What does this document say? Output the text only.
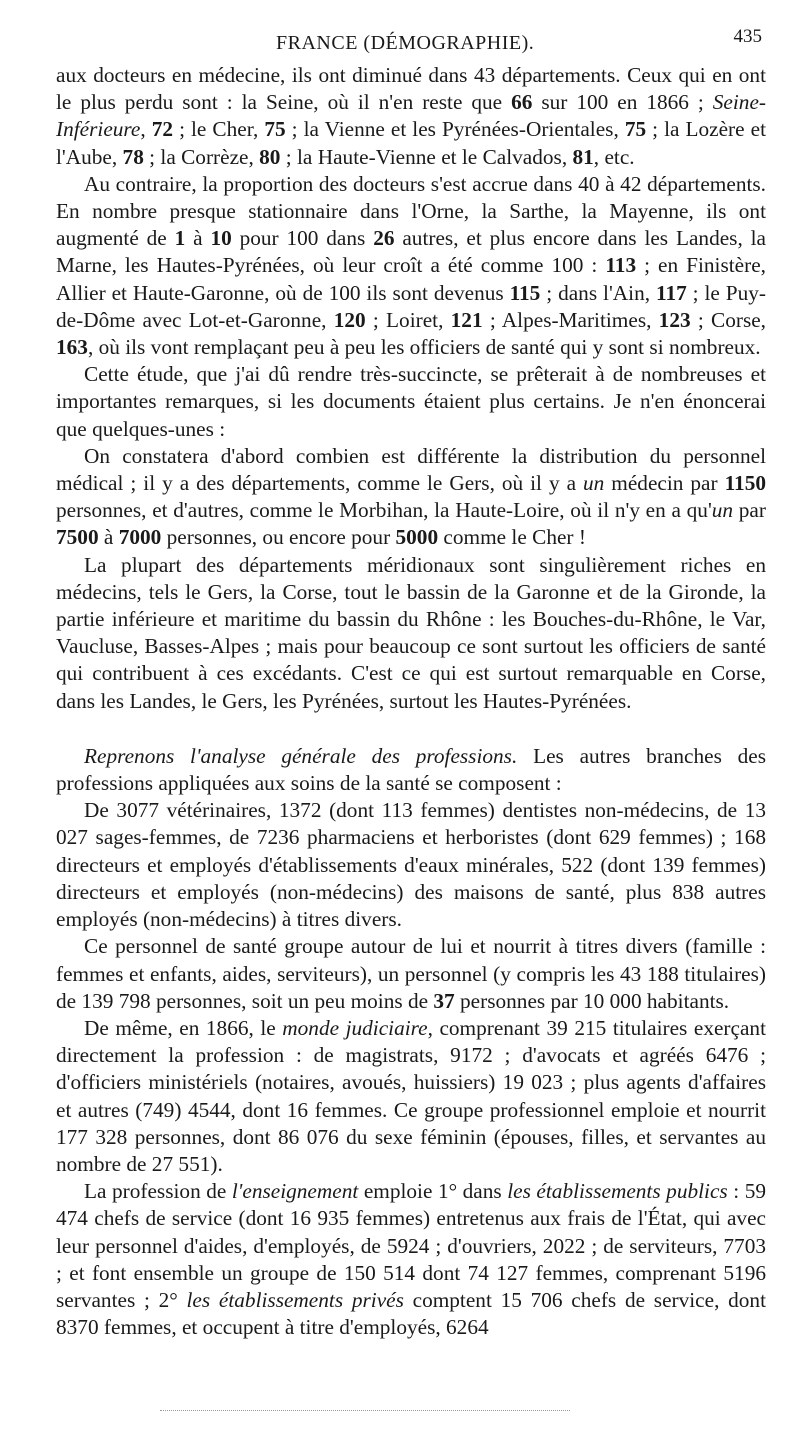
FRANCE (DÉMOGRAPHIE).	435

aux docteurs en médecine, ils ont diminué dans 43 départements. Ceux qui en ont le plus perdu sont : la Seine, où il n'en reste que 66 sur 100 en 1866 ; Seine-Inférieure, 72 ; le Cher, 75 ; la Vienne et les Pyrénées-Orientales, 75 ; la Lozère et l'Aube, 78 ; la Corrèze, 80 ; la Haute-Vienne et le Calvados, 81, etc.

Au contraire, la proportion des docteurs s'est accrue dans 40 à 42 départements. En nombre presque stationnaire dans l'Orne, la Sarthe, la Mayenne, ils ont augmenté de 1 à 10 pour 100 dans 26 autres, et plus encore dans les Landes, la Marne, les Hautes-Pyrénées, où leur croît a été comme 100 : 113 ; en Finistère, Allier et Haute-Garonne, où de 100 ils sont devenus 115 ; dans l'Ain, 117 ; le Puy-de-Dôme avec Lot-et-Garonne, 120 ; Loiret, 121 ; Alpes-Maritimes, 123 ; Corse, 163, où ils vont remplaçant peu à peu les officiers de santé qui y sont si nombreux.

Cette étude, que j'ai dû rendre très-succincte, se prêterait à de nombreuses et importantes remarques, si les documents étaient plus certains. Je n'en énoncerai que quelques-unes :

On constatera d'abord combien est différente la distribution du personnel médical ; il y a des départements, comme le Gers, où il y a un médecin par 1150 personnes, et d'autres, comme le Morbihan, la Haute-Loire, où il n'y en a qu'un par 7500 à 7000 personnes, ou encore pour 5000 comme le Cher !

La plupart des départements méridionaux sont singulièrement riches en médecins, tels le Gers, la Corse, tout le bassin de la Garonne et de la Gironde, la partie inférieure et maritime du bassin du Rhône : les Bouches-du-Rhône, le Var, Vaucluse, Basses-Alpes ; mais pour beaucoup ce sont surtout les officiers de santé qui contribuent à ces excédants. C'est ce qui est surtout remarquable en Corse, dans les Landes, le Gers, les Pyrénées, surtout les Hautes-Pyrénées.

Reprenons l'analyse générale des professions. Les autres branches des professions appliquées aux soins de la santé se composent :

De 3077 vétérinaires, 1372 (dont 113 femmes) dentistes non-médecins, de 13 027 sages-femmes, de 7236 pharmaciens et herboristes (dont 629 femmes) ; 168 directeurs et employés d'établissements d'eaux minérales, 522 (dont 139 femmes) directeurs et employés (non-médecins) des maisons de santé, plus 838 autres employés (non-médecins) à titres divers.

Ce personnel de santé groupe autour de lui et nourrit à titres divers (famille : femmes et enfants, aides, serviteurs), un personnel (y compris les 43 188 titulaires) de 139 798 personnes, soit un peu moins de 37 personnes par 10 000 habitants.

De même, en 1866, le monde judiciaire, comprenant 39 215 titulaires exerçant directement la profession : de magistrats, 9172 ; d'avocats et agréés 6476 ; d'officiers ministériels (notaires, avoués, huissiers) 19 023 ; plus agents d'affaires et autres (749) 4544, dont 16 femmes. Ce groupe professionnel emploie et nourrit 177 328 personnes, dont 86 076 du sexe féminin (épouses, filles, et servantes au nombre de 27 551).

La profession de l'enseignement emploie 1° dans les établissements publics : 59 474 chefs de service (dont 16 935 femmes) entretenus aux frais de l'État, qui avec leur personnel d'aides, d'employés, de 5924 ; d'ouvriers, 2022 ; de serviteurs, 7703 ; et font ensemble un groupe de 150 514 dont 74 127 femmes, comprenant 5196 servantes ; 2° les établissements privés comptent 15 706 chefs de service, dont 8370 femmes, et occupent à titre d'employés, 6264
